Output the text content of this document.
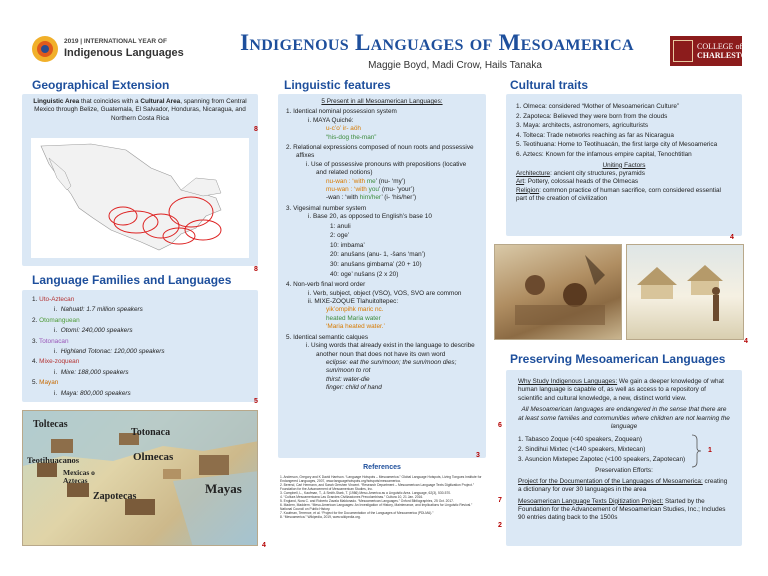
2019 | INTERNATIONAL YEAR OF
Indigenous Languages	Indigenous Languages of Mesoamerica
Maggie Boyd, Madi Crow, Hails Tanaka
COLLEGE of
CHARLESTON
Geographical Extension
Linguistic Area that coincides with a Cultural Area, spanning from Central Mexico through Belize, Guatemala, El Salvador, Honduras, Nicaragua, and Northern Costa Rica
8
8
Language Families and Languages
1. Uto-Aztecan
i. Nahuatl: 1.7 million speakers
2. Otomanguean
i. Otomí: 240,000 speakers
3. Totonacan
i. Highland Totonac: 120,000 speakers
4. Mixe-zoquean
i. Mixe: 188,000 speakers
5. Mayan
i. Maya: 800,000 speakers
5
Toltecas
Totonaca
Teotihuacanos	Olmecas
Mexicas o Aztecas
Mayas
Zapotecas
4
Linguistic features
5 Present in all Mesoamerican Languages:
1. Identical nominal possession system
i. MAYA Quiché:
u-c’o’ ir- aöh
“his-dog the-man”
2. Relational expressions composed of noun roots and possessive affixes
i. Use of possessive pronouns with prepositions (locative and related notions)
nu-wan : ‘with me’ (nu- ‘my’)
mu-wan : ‘with you’ (mu- ‘your’)
-wan : ‘with him/her’ (i- ‘his/her’)
3. Vigesimal number system
i. Base 20, as opposed to English’s base 10
1: anuli
2: oge’
10: imbama’
20: anušans (anu- 1, -šans ‘man’)
30: anušans gimbama’ (20 + 10)
40: oge’ nušans (2 x 20)
4. Non-verb final word order
i. Verb, subject, object (VSO), VOS, SVO are common
ii. MIXE-ZOQUE Tlahuitoltepec:
yik’ompihk maric nc.
heated Maria water
‘Maria heated water.’
5. Identical semantic calques
i. Using words that already exist in the language to describe another noun that does not have its own word
eclipse: eat the sun/moon; the sun/moon dies; sun/moon to rot
thirst: water-die
finger: child of hand
3
References
1. Anderson, Gregory and K David Harrison. “Language Hotspots – Mesoamerica.” Global Language Hotspots, Living Tongues Institute for Endangered Languages, 2007, www.languagehotspots.org/hotspots/mesoamerica.
2. Berend, Carl Hermann, and Sarah Gershen Vincent. “Research Department – Mesoamerican Language Texts Digitization Project.” Foundation for the Advancement of Mesoamerican Studies, Inc.
3. Campbell, L., Kaufman, T., & Smith-Stark, T. (1986) Meso-America as a Linguistic Area. Language, 62(3), 530-570.
4. “Cultura Mesoamericana Las Grandes Civilizaciones Precolombinas.” Cultura 10, 21 Jan. 2016.
5. England, Nora C. and Roberto Zavala Maldonado. “Mesoamerican Languages.” Oxford Bibliographies, 25 Oct. 2017.
6. Madern, Maddern. “Meso-American Languages: An Investigation of History, Maintenance, and Implications for Linguistic Revival.” National Council on Public History.
7. Kaufman, Terrence, et al. “Project for the Documentation of the Languages of Mesoamerica (PDLMA).”
8. “Mesoamerica.” Wikipedia, 2019, www.wikipedia.org.
Cultural traits
1. Olmeca: considered “Mother of Mesoamerican Culture”
2. Zapoteca: Believed they were born from the clouds
3. Maya: architects, astronomers, agriculturists
4. Tolteca: Trade networks reaching as far as Nicaragua
5. Teotihuana: Home to Teotihuacán, the first large city of Mesoamerica
6. Aztecs: Known for the infamous empire capital, Tenochtitlan
Uniting Factors
Architecture: ancient city structures, pyramids
Art: Pottery, colossal heads of the Olmecas
Religion: common practice of human sacrifice, corn considered essential part of the creation of civilization
4
4
Preserving Mesoamerican Languages
Why Study Indigenous Languages: We gain a deeper knowledge of what human language is capable of, as well as access to a repository of scientific and cultural knowledge, a new, distinct world view.
All Mesoamerican languages are endangered in the sense that there are at least some families and communities where children are not learning the language
1. Tabasco Zoque (<40 speakers, Zoquean)
2. Sindihui Mixtec (<140 speakers, Mixtecan)
3. Asuncion Mixtepec Zapotec (<100 speakers, Zapotecan)
Preservation Efforts:
Project for the Documentation of the Languages of Mesoamerica: creating a dictionary for over 30 languages in the area
Mesoamerican Language Texts Digitization Project: Started by the Foundation for the Advancement of Mesoamerican Studies, Inc.; Includes 90 entries dating back to the 1500s
6
1
7
2
